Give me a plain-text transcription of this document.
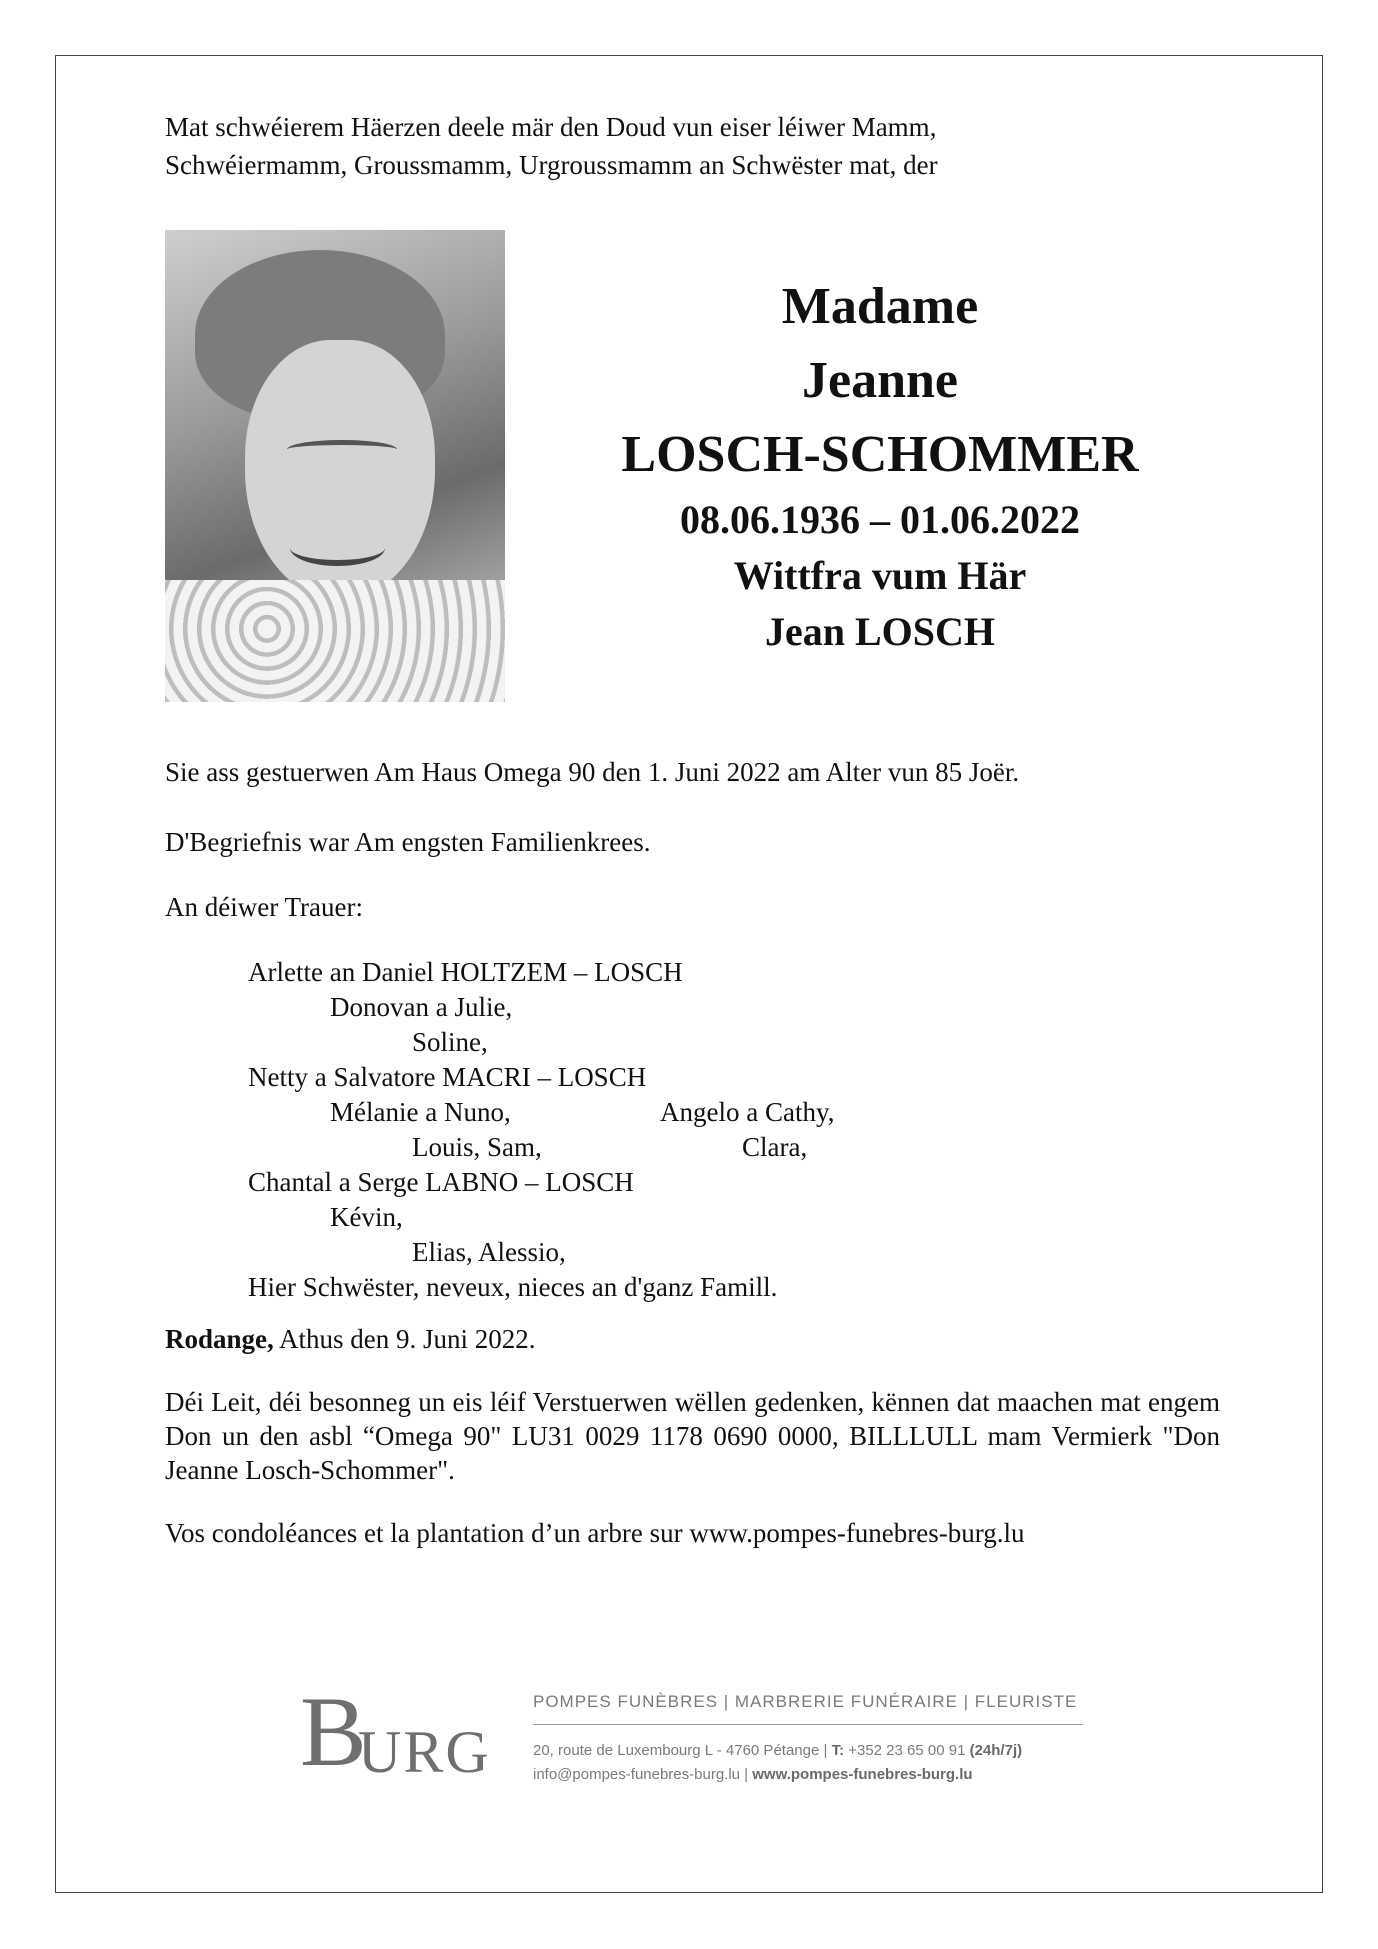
Mat schwéierem Häerzen deele mär den Doud vun eiser léiwer Mamm,
Schwéiermamm, Groussmamm, Urgroussmamm an Schwëster mat, der
Madame
Jeanne
LOSCH-SCHOMMER
08.06.1936 – 01.06.2022
Wittfra vum Här
Jean LOSCH
Sie ass gestuerwen Am Haus Omega 90 den 1. Juni 2022 am Alter vun 85 Joër.
D'Begriefnis war Am engsten Familienkrees.
An déiwer Trauer:
Arlette an Daniel HOLTZEM – LOSCH
Donovan a Julie,
Soline,
Netty a Salvatore MACRI – LOSCH
Mélanie a Nuno,	Angelo a Cathy,
Louis, Sam,	Clara,
Chantal a Serge LABNO – LOSCH
Kévin,
Elias, Alessio,
Hier Schwëster, neveux, nieces an d'ganz Famill.
Rodange, Athus den 9. Juni 2022.
Déi Leit, déi besonneg un eis léif Verstuerwen wëllen gedenken, kënnen dat maachen mat engem Don un den asbl “Omega 90" LU31 0029 1178 0690 0000, BILLLULL mam Vermierk "Don Jeanne Losch-Schommer".
Vos condoléances et la plantation d’un arbre sur www.pompes-funebres-burg.lu
B
URG
POMPES FUNÈBRES | MARBRERIE FUNÉRAIRE | FLEURISTE
20, route de Luxembourg L - 4760 Pétange | T: +352 23 65 00 91 (24h/7j)
info@pompes-funebres-burg.lu | www.pompes-funebres-burg.lu
